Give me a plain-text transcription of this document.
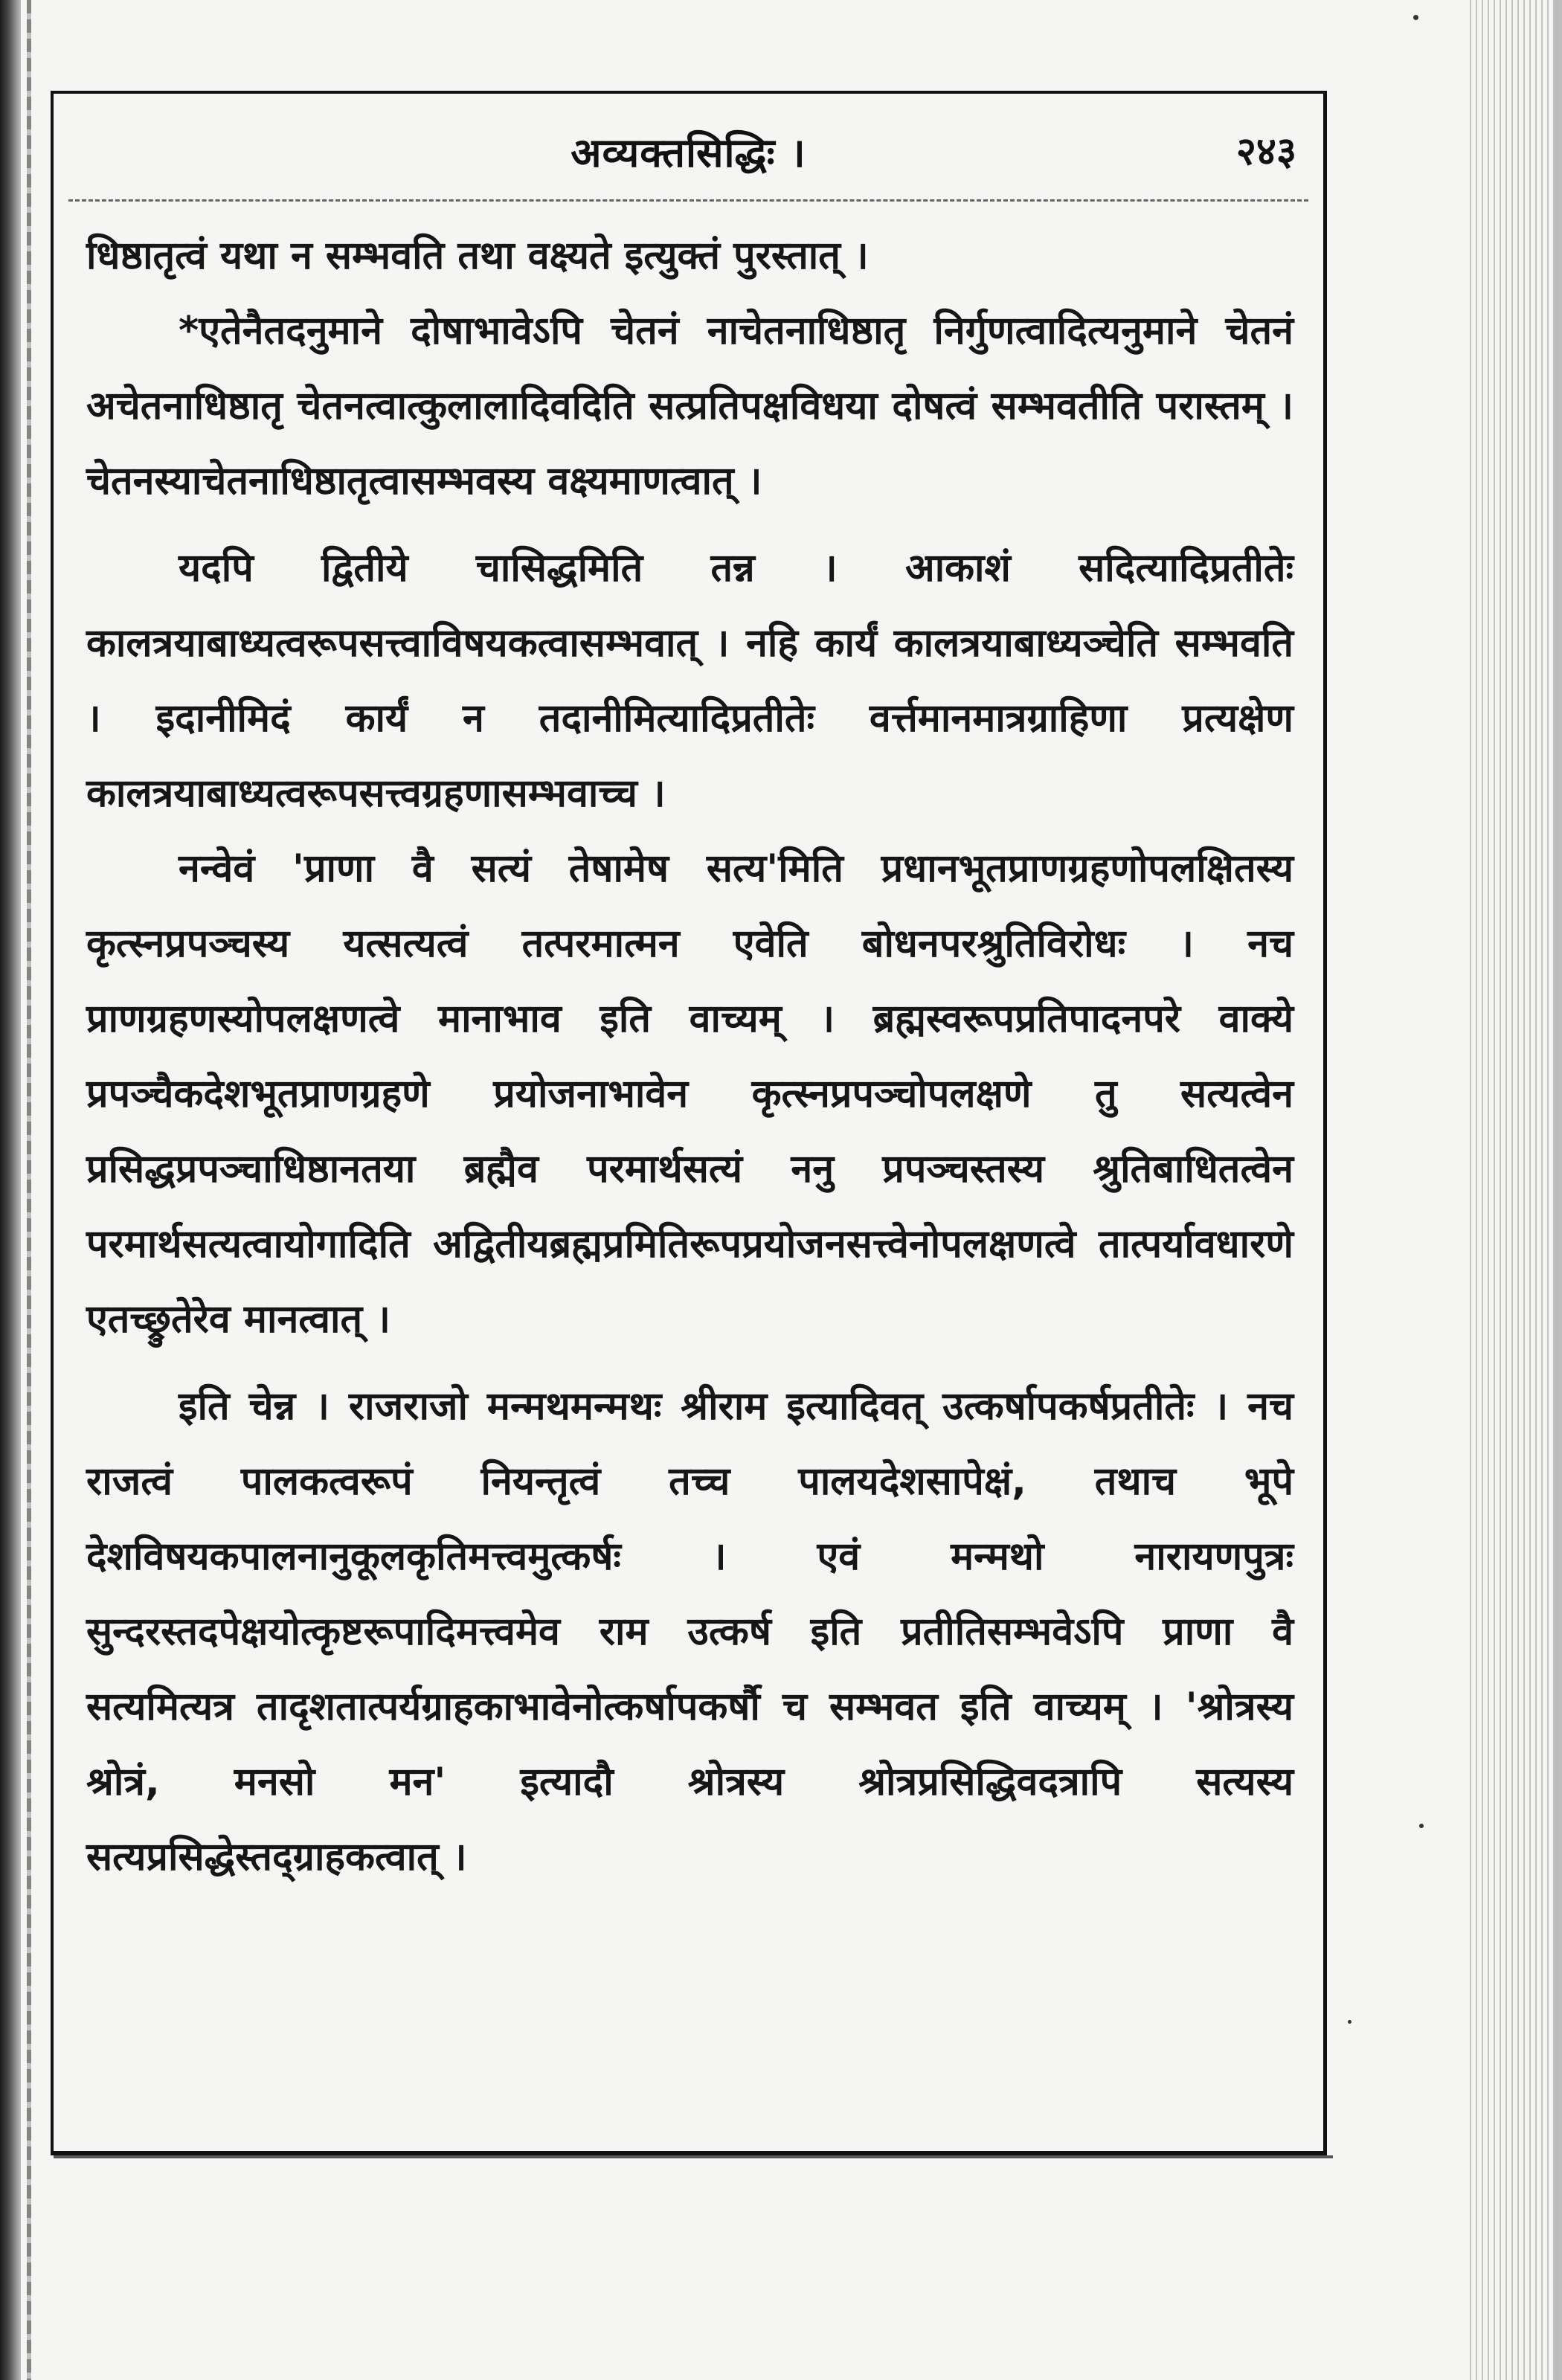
अव्यक्तसिद्धिः ।	२४३

धिष्ठातृत्वं यथा न सम्भवति तथा वक्ष्यते इत्युक्तं पुरस्तात् ।

*एतेनैतदनुमाने दोषाभावेऽपि चेतनं नाचेतनाधिष्ठातृ निर्गुणत्वादित्यनुमाने चेतनं अचेतनाधिष्ठातृ चेतनत्वात्कुलालादिवदिति सत्प्रतिपक्षविधया दोषत्वं सम्भवतीति परास्तम् । चेतनस्याचेतनाधिष्ठातृत्वासम्भवस्य वक्ष्यमाणत्वात् ।

यदपि द्वितीये चासिद्धमिति तन्न । आकाशं सदित्यादिप्रतीतेः कालत्रयाबाध्यत्वरूपसत्त्वाविषयकत्वासम्भवात् । नहि कार्यं कालत्रयाबाध्यञ्चेति सम्भवति । इदानीमिदं कार्यं न तदानीमित्यादिप्रतीतेः वर्त्तमानमात्रग्राहिणा प्रत्यक्षेण कालत्रयाबाध्यत्वरूपसत्त्वग्रहणासम्भवाच्च ।

नन्वेवं 'प्राणा वै सत्यं तेषामेष सत्य'मिति प्रधानभूतप्राणग्रहणोपलक्षितस्य कृत्स्नप्रपञ्चस्य यत्सत्यत्वं तत्परमात्मन एवेति बोधनपरश्रुतिविरोधः । नच प्राणग्रहणस्योपलक्षणत्वे मानाभाव इति वाच्यम् । ब्रह्मस्वरूपप्रतिपादनपरे वाक्ये प्रपञ्चैकदेशभूतप्राणग्रहणे प्रयोजनाभावेन कृत्स्नप्रपञ्चोपलक्षणे तु सत्यत्वेन प्रसिद्धप्रपञ्चाधिष्ठानतया ब्रह्मैव परमार्थसत्यं ननु प्रपञ्चस्तस्य श्रुतिबाधितत्वेन परमार्थसत्यत्वायोगादिति अद्वितीयब्रह्मप्रमितिरूपप्रयोजनसत्त्वेनोपलक्षणत्वे तात्पर्यावधारणे एतच्छ्रुतेरेव मानत्वात् ।

इति चेन्न । राजराजो मन्मथमन्मथः श्रीराम इत्यादिवत् उत्कर्षापकर्षप्रतीतेः । नच राजत्वं पालकत्वरूपं नियन्तृत्वं तच्च पालयदेशसापेक्षं, तथाच भूपे देशविषयकपालनानुकूलकृतिमत्त्वमुत्कर्षः । एवं मन्मथो नारायणपुत्रः सुन्दरस्तदपेक्षयोत्कृष्टरूपादिमत्त्वमेव राम उत्कर्ष इति प्रतीतिसम्भवेऽपि प्राणा वै सत्यमित्यत्र तादृशतात्पर्यग्राहकाभावेनोत्कर्षापकर्षौ च सम्भवत इति वाच्यम् । 'श्रोत्रस्य श्रोत्रं, मनसो मन' इत्यादौ श्रोत्रस्य श्रोत्रप्रसिद्धिवदत्रापि सत्यस्य सत्यप्रसिद्धेस्तद्ग्राहकत्वात् ।
